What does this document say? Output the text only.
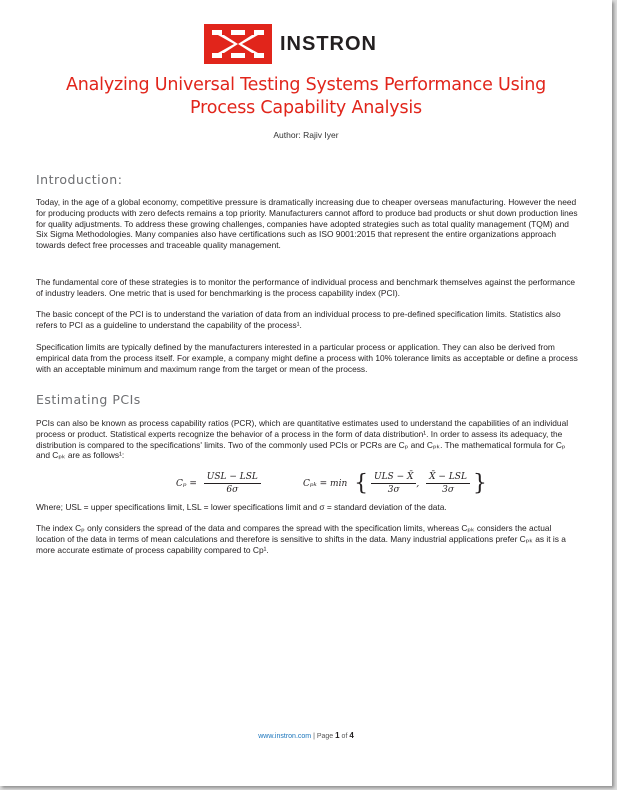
INSTRON
Analyzing Universal Testing Systems Performance Using Process Capability Analysis
Author: Rajiv Iyer
Introduction:

Today, in the age of a global economy, competitive pressure is dramatically increasing due to cheaper overseas manufacturing. However the need for producing products with zero defects remains a top priority. Manufacturers cannot afford to produce bad products or shut down production lines for quality adjustments. To address these growing challenges, companies have adopted strategies such as total quality management (TQM) and Six Sigma Methodologies. Many companies also have certifications such as ISO 9001:2015 that represent the entire organizations approach towards defect free processes and traceable quality management.

The fundamental core of these strategies is to monitor the performance of individual process and benchmark themselves against the performance of industry leaders. One metric that is used for benchmarking is the process capability index (PCI).

The basic concept of the PCI is to understand the variation of data from an individual process to pre-defined specification limits. Statistics also refers to PCI as a guideline to understand the capability of the process¹.

Specification limits are typically defined by the manufacturers interested in a particular process or application. They can also be derived from empirical data from the process itself. For example, a company might define a process with 10% tolerance limits as acceptable or define a process with an acceptable minimum and maximum range from the target or mean of the process.

Estimating PCIs

PCIs can also be known as process capability ratios (PCR), which are quantitative estimates used to understand the capabilities of an individual process or product. Statistical experts recognize the behavior of a process in the form of data distribution¹. In order to assess its adequacy, the distribution is compared to the specifications' limits. Two of the commonly used PCIs or PCRs are Cₚ and Cₚₖ. The mathematical formula for Cₚ and Cₚₖ are as follows¹:

$C_p = \frac{\text{USL − LSL}}{6\sigma}$	Cₚₖ = min { $\frac{\text{ULS − X̄}}{3\sigma}$ , $\frac{\text{X̄ − LSL}}{3\sigma}$ }

Where; USL = upper specifications limit, LSL = lower specifications limit and σ = standard deviation of the data.

The index Cₚ only considers the spread of the data and compares the spread with the specification limits, whereas Cₚₖ considers the actual location of the data in terms of mean calculations and therefore is sensitive to shifts in the data. Many industrial applications prefer Cₚₖ as it is a more accurate estimate of process capability compared to Cp¹.

www.instron.com | Page 1 of 4
